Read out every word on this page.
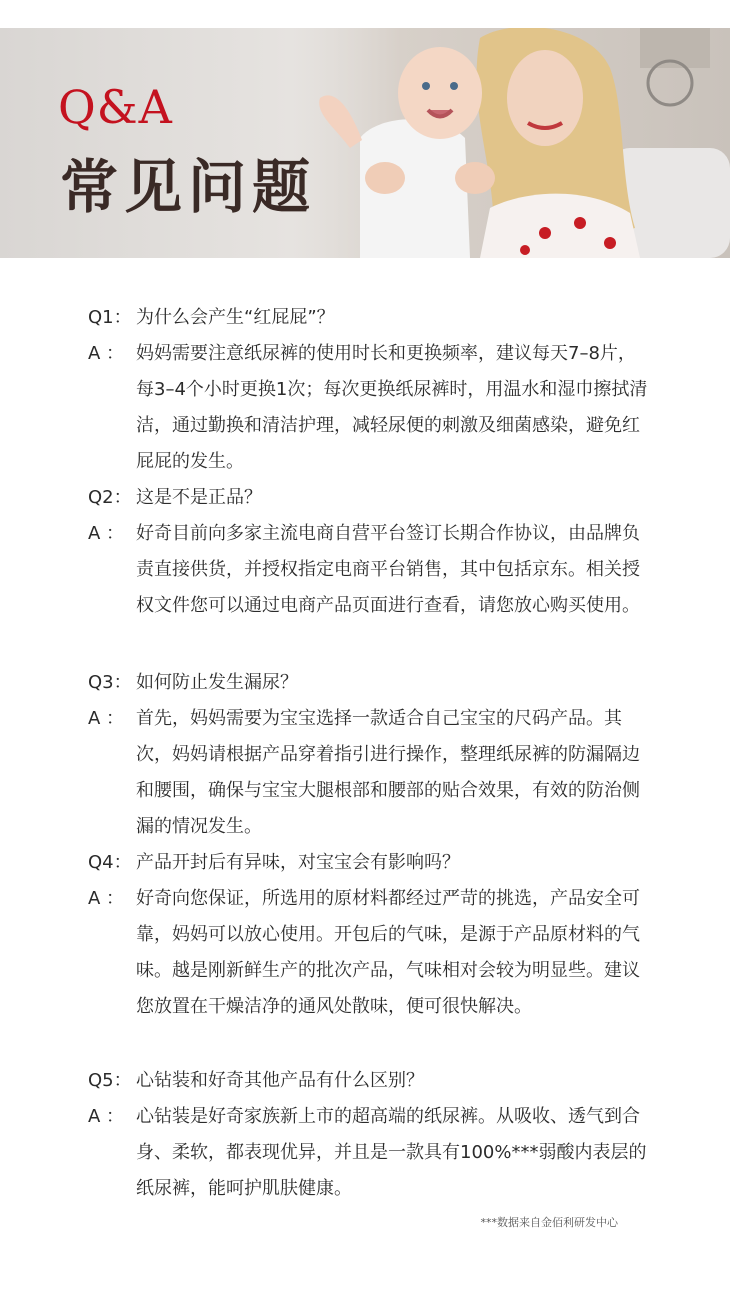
Q&A
常见问题
Q1： 为什么会产生“红屁屁”？
A ： 妈妈需要注意纸尿裤的使用时长和更换频率，建议每天7–8片，每3–4个小时更换1次；每次更换纸尿裤时，用温水和湿巾擦拭清洁，通过勤换和清洁护理，减轻尿便的刺激及细菌感染，避免红屁屁的发生。
Q2： 这是不是正品？
A ： 好奇目前向多家主流电商自营平台签订长期合作协议，由品牌负责直接供货，并授权指定电商平台销售，其中包括京东。相关授权文件您可以通过电商产品页面进行查看，请您放心购买使用。
Q3： 如何防止发生漏尿？
A ： 首先，妈妈需要为宝宝选择一款适合自己宝宝的尺码产品。其次，妈妈请根据产品穿着指引进行操作，整理纸尿裤的防漏隔边和腰围，确保与宝宝大腿根部和腰部的贴合效果，有效的防治侧漏的情况发生。
Q4： 产品开封后有异味，对宝宝会有影响吗？
A ： 好奇向您保证，所选用的原材料都经过严苛的挑选，产品安全可靠，妈妈可以放心使用。开包后的气味，是源于产品原材料的气味。越是刚新鲜生产的批次产品，气味相对会较为明显些。建议您放置在干燥洁净的通风处散味，便可很快解决。
Q5： 心钻装和好奇其他产品有什么区别？
A ： 心钻装是好奇家族新上市的超高端的纸尿裤。从吸收、透气到合身、柔软，都表现优异，并且是一款具有100%***弱酸内表层的纸尿裤，能呵护肌肤健康。
***数据来自金佰利研发中心
